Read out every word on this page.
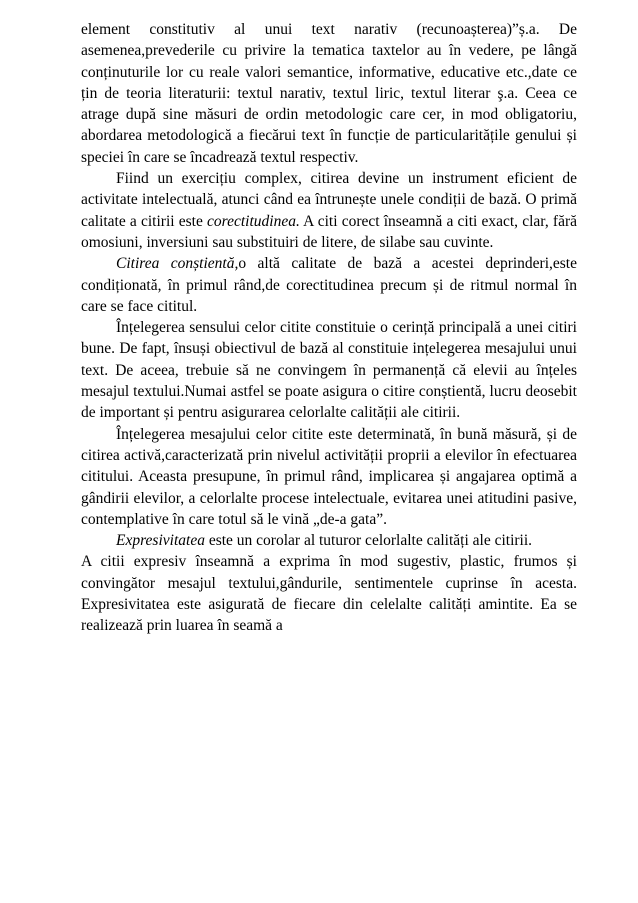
element constitutiv al unui text narativ (recunoașterea)”ș.a. De asemenea,prevederile cu privire la tematica taxtelor au în vedere, pe lângă conținuturile lor cu reale valori semantice, informative, educative etc.,date ce țin de teoria literaturii: textul narativ, textul liric, textul literar ş.a. Ceea ce atrage după sine măsuri de ordin metodologic care cer, in mod obligatoriu, abordarea metodologică a fiecărui text în funcție de particularitățile genului și speciei în care se încadrează textul respectiv.

Fiind un exercițiu complex, citirea devine un instrument eficient de activitate intelectuală, atunci când ea întrunește unele condiții de bază. O primă calitate a citirii este corectitudinea. A citi corect înseamnă a citi exact, clar, fără omosiuni, inversiuni sau substituiri de litere, de silabe sau cuvinte.

Citirea conștientă,o altă calitate de bază a acestei deprinderi,este condiționată, în primul rând,de corectitudinea precum și de ritmul normal în care se face cititul.

Înțelegerea sensului celor citite constituie o cerință principală a unei citiri bune. De fapt, însuși obiectivul de bază al constituie ințelegerea mesajului unui text. De aceea, trebuie să ne convingem în permanență că elevii au înțeles mesajul textului.Numai astfel se poate asigura o citire conștientă, lucru deosebit de important și pentru asigurarea celorlalte calității ale citirii.

Înțelegerea mesajului celor citite este determinată, în bună măsură, și de citirea activă,caracterizată prin nivelul activității proprii a elevilor în efectuarea cititului. Aceasta presupune, în primul rând, implicarea și angajarea optimă a gândirii elevilor, a celorlalte procese intelectuale, evitarea unei atitudini pasive, contemplative în care totul să le vină „de-a gata”.

Expresivitatea este un corolar al tuturor celorlalte calități ale citirii.

A citii expresiv înseamnă a exprima în mod sugestiv, plastic, frumos și convingător mesajul textului,gândurile, sentimentele cuprinse în acesta. Expresivitatea este asigurată de fiecare din celelalte calități amintite. Ea se realizează prin luarea în seamă a
